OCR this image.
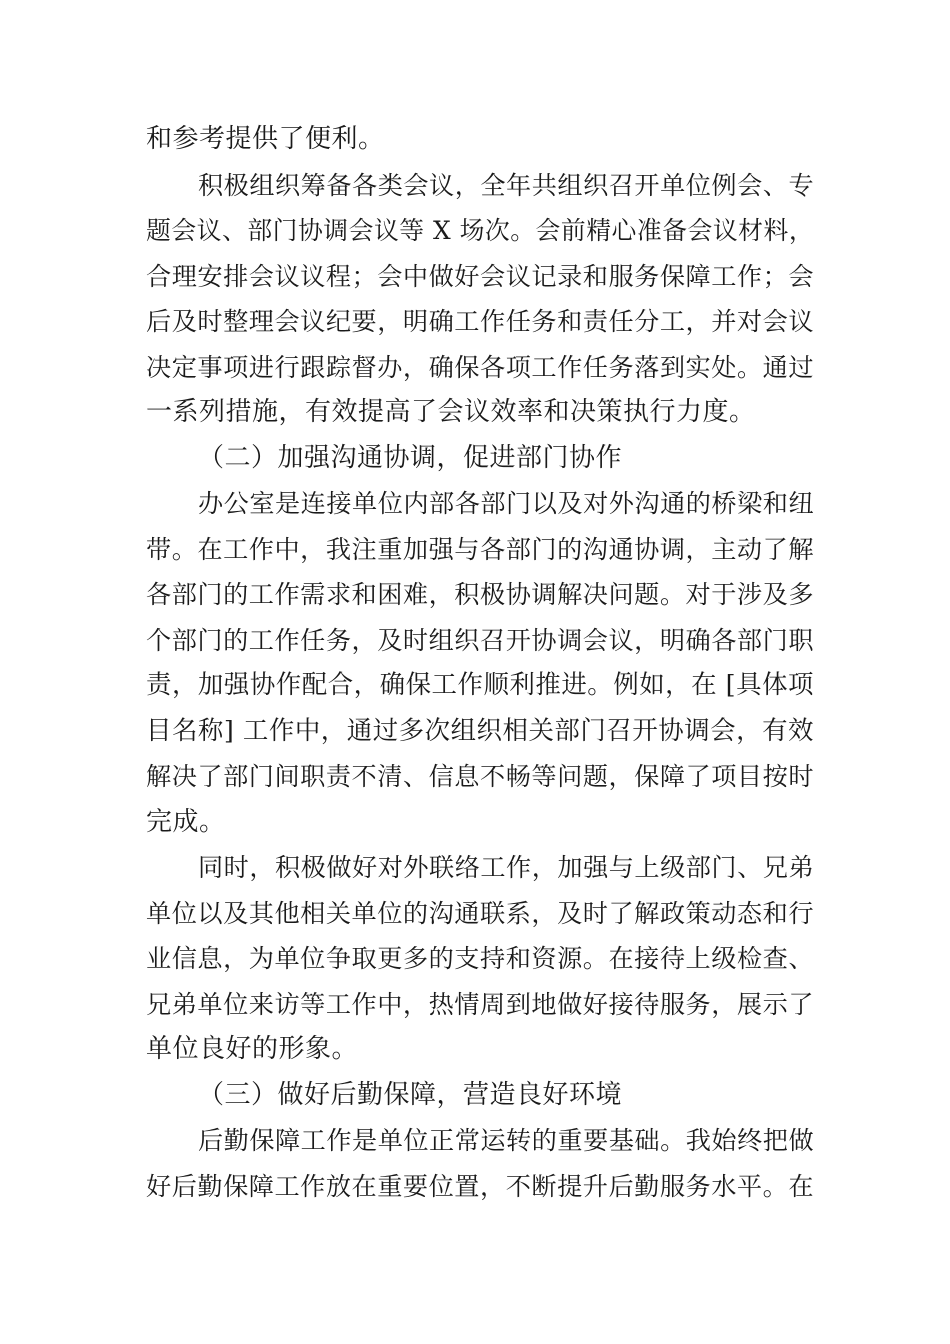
和参考提供了便利。
积极组织筹备各类会议，全年共组织召开单位例会、专
题会议、部门协调会议等 X 场次。会前精心准备会议材料，
合理安排会议议程；会中做好会议记录和服务保障工作；会
后及时整理会议纪要，明确工作任务和责任分工，并对会议
决定事项进行跟踪督办，确保各项工作任务落到实处。通过
一系列措施，有效提高了会议效率和决策执行力度。
（二）加强沟通协调，促进部门协作
办公室是连接单位内部各部门以及对外沟通的桥梁和纽
带。在工作中，我注重加强与各部门的沟通协调，主动了解
各部门的工作需求和困难，积极协调解决问题。对于涉及多
个部门的工作任务，及时组织召开协调会议，明确各部门职
责，加强协作配合，确保工作顺利推进。例如，在 [具体项
目名称] 工作中，通过多次组织相关部门召开协调会，有效
解决了部门间职责不清、信息不畅等问题，保障了项目按时
完成。
同时，积极做好对外联络工作，加强与上级部门、兄弟
单位以及其他相关单位的沟通联系，及时了解政策动态和行
业信息，为单位争取更多的支持和资源。在接待上级检查、
兄弟单位来访等工作中，热情周到地做好接待服务，展示了
单位良好的形象。
（三）做好后勤保障，营造良好环境
后勤保障工作是单位正常运转的重要基础。我始终把做
好后勤保障工作放在重要位置，不断提升后勤服务水平。在
